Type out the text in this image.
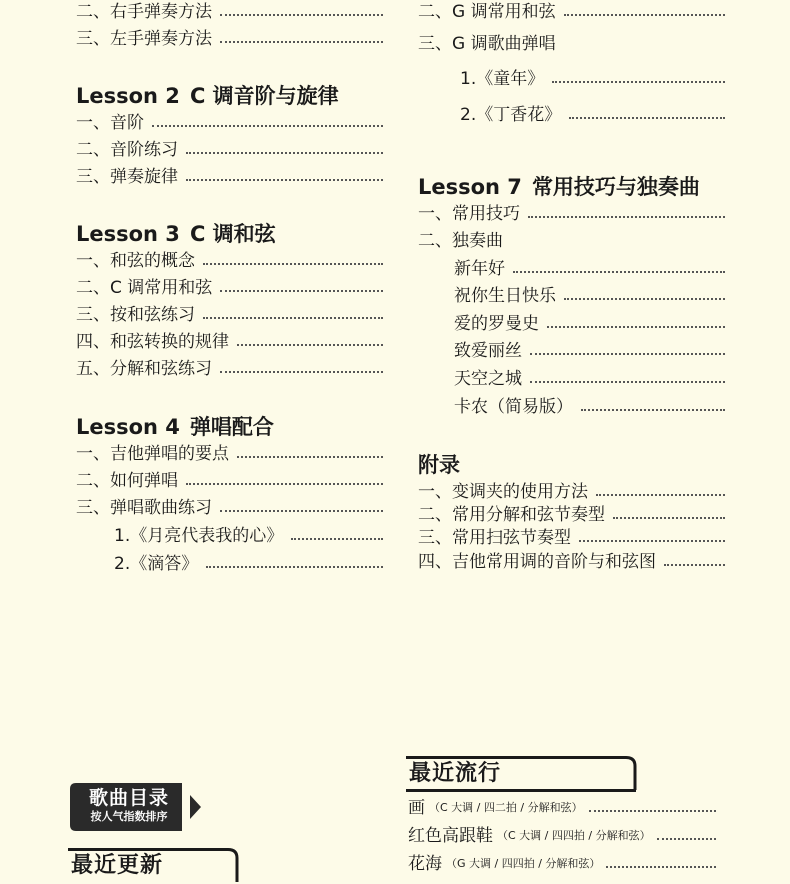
二、右手弹奏方法
三、左手弹奏方法
Lesson 2 C 调音阶与旋律
一、音阶
二、音阶练习
三、弹奏旋律
Lesson 3 C 调和弦
一、和弦的概念
二、C 调常用和弦
三、按和弦练习
四、和弦转换的规律
五、分解和弦练习
Lesson 4 弹唱配合
一、吉他弹唱的要点
二、如何弹唱
三、弹唱歌曲练习
1.《月亮代表我的心》
2.《滴答》
二、G 调常用和弦
三、G 调歌曲弹唱
1.《童年》
2.《丁香花》
Lesson 7 常用技巧与独奏曲
一、常用技巧
二、独奏曲
新年好
祝你生日快乐
爱的罗曼史
致爱丽丝
天空之城
卡农（简易版）
附录
一、变调夹的使用方法
二、常用分解和弦节奏型
三、常用扫弦节奏型
四、吉他常用调的音阶与和弦图
歌曲目录
按人气指数排序
最近流行
画 （C 大调 / 四二拍 / 分解和弦）
红色高跟鞋 （C 大调 / 四四拍 / 分解和弦）
花海 （G 大调 / 四四拍 / 分解和弦）
最近更新
